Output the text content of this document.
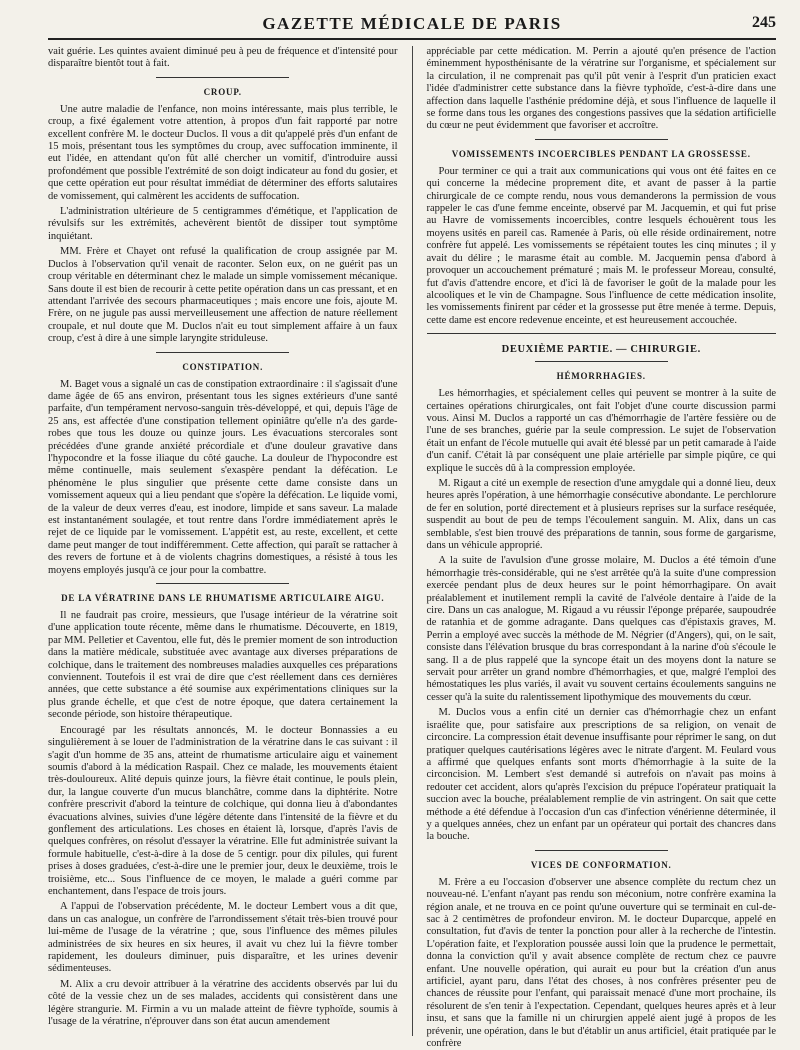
GAZETTE MÉDICALE DE PARIS	245

vait guérie. Les quintes avaient diminué peu à peu de fréquence et d'intensité pour disparaître bientôt tout à fait.

CROUP.

Une autre maladie de l'enfance, non moins intéressante, mais plus terrible, le croup, a fixé également votre attention, à propos d'un fait rapporté par notre excellent confrère M. le docteur Duclos. Il vous a dit qu'appelé près d'un enfant de 15 mois, présentant tous les symptômes du croup, avec suffocation imminente, il eut l'idée, en attendant qu'on fût allé chercher un vomitif, d'introduire aussi profondément que possible l'extrémité de son doigt indicateur au fond du gosier, et que cette opération eut pour résultat immédiat de déterminer des efforts salutaires de vomissement, qui calmèrent les accidents de suffocation.

L'administration ultérieure de 5 centigrammes d'émétique, et l'application de révulsifs sur les extrémités, achevèrent bientôt de dissiper tout symptôme inquiétant.

MM. Frère et Chayet ont refusé la qualification de croup assignée par M. Duclos à l'observation qu'il venait de raconter. Selon eux, on ne guérit pas un croup véritable en déterminant chez le malade un simple vomissement mécanique. Sans doute il est bien de recourir à cette petite opération dans un cas pressant, et en attendant l'arrivée des secours pharmaceutiques ; mais encore une fois, ajoute M. Frère, on ne jugule pas aussi merveilleusement une affection de nature réellement croupale, et nul doute que M. Duclos n'ait eu tout simplement affaire à un faux croup, c'est à dire à une simple laryngite striduleuse.

CONSTIPATION.

M. Baget vous a signalé un cas de constipation extraordinaire : il s'agissait d'une dame âgée de 65 ans environ, présentant tous les signes extérieurs d'une santé parfaite, d'un tempérament nervoso-sanguin très-développé, et qui, depuis l'âge de 25 ans, est affectée d'une constipation tellement opiniâtre qu'elle n'a des garde-robes que tous les douze ou quinze jours. Les évacuations stercorales sont précédées d'une grande anxiété précordiale et d'une douleur gravative dans l'hypocondre et la fosse iliaque du côté gauche. La douleur de l'hypocondre est même continuelle, mais seulement s'exaspère pendant la défécation. Le phénomène le plus singulier que présente cette dame consiste dans un vomissement aqueux qui a lieu pendant que s'opère la défécation. Le liquide vomi, de la valeur de deux verres d'eau, est inodore, limpide et sans saveur. La malade est instantanément soulagée, et tout rentre dans l'ordre immédiatement après le rejet de ce liquide par le vomissement. L'appétit est, au reste, excellent, et cette dame peut manger de tout indifféremment. Cette affection, qui paraît se rattacher à des revers de fortune et à de violents chagrins domestiques, a résisté à tous les moyens employés jusqu'à ce jour pour la combattre.

DE LA VÉRATRINE DANS LE RHUMATISME ARTICULAIRE AIGU.

Il ne faudrait pas croire, messieurs, que l'usage intérieur de la vératrine soit d'une application toute récente, même dans le rhumatisme. Découverte, en 1819, par MM. Pelletier et Caventou, elle fut, dès le premier moment de son introduction dans la matière médicale, substituée avec avantage aux diverses préparations de colchique, dans le traitement des nombreuses maladies auxquelles ces préparations conviennent. Toutefois il est vrai de dire que c'est réellement dans ces dernières années, que cette substance a été soumise aux expérimentations cliniques sur la plus grande échelle, et que c'est de notre époque, que datera certainement la seconde période, son histoire thérapeutique.

Encouragé par les résultats annoncés, M. le docteur Bonnassies a eu singulièrement à se louer de l'administration de la vératrine dans le cas suivant : il s'agit d'un homme de 35 ans, atteint de rhumatisme articulaire aigu et vainement soumis d'abord à la médication Raspail. Chez ce malade, les mouvements étaient très-douloureux. Alité depuis quinze jours, la fièvre était continue, le pouls plein, dur, la langue couverte d'un mucus blanchâtre, comme dans la diphtérite. Notre confrère prescrivit d'abord la teinture de colchique, qui donna lieu à d'abondantes évacuations alvines, suivies d'une légère détente dans l'intensité de la fièvre et du gonflement des articulations. Les choses en étaient là, lorsque, d'après l'avis de quelques confrères, on résolut d'essayer la vératrine. Elle fut administrée suivant la formule habituelle, c'est-à-dire à la dose de 5 centigr. pour dix pilules, qui furent prises à doses graduées, c'est-à-dire une le premier jour, deux le deuxième, trois le troisième, etc... Sous l'influence de ce moyen, le malade a guéri comme par enchantement, dans l'espace de trois jours.

A l'appui de l'observation précédente, M. le docteur Lembert vous a dit que, dans un cas analogue, un confrère de l'arrondissement s'était très-bien trouvé pour lui-même de l'usage de la vératrine ; que, sous l'influence des mêmes pilules administrées de six heures en six heures, il avait vu chez lui la fièvre tomber rapidement, les douleurs diminuer, puis disparaître, et les urines devenir sédimenteuses.

M. Alix a cru devoir attribuer à la vératrine des accidents observés par lui du côté de la vessie chez un de ses malades, accidents qui consistèrent dans une légère strangurie. M. Firmin a vu un malade atteint de fièvre typhoïde, soumis à l'usage de la vératrine, n'éprouver dans son état aucun amendement

appréciable par cette médication. M. Perrin a ajouté qu'en présence de l'action éminemment hyposthénisante de la vératrine sur l'organisme, et spécialement sur la circulation, il ne comprenait pas qu'il pût venir à l'esprit d'un praticien exact l'idée d'administrer cette substance dans la fièvre typhoïde, c'est-à-dire dans une affection dans laquelle l'asthénie prédomine déjà, et sous l'influence de laquelle il se forme dans tous les organes des congestions passives que la sédation artificielle du cœur ne peut évidemment que favoriser et accroître.

VOMISSEMENTS INCOERCIBLES PENDANT LA GROSSESSE.

Pour terminer ce qui a trait aux communications qui vous ont été faites en ce qui concerne la médecine proprement dite, et avant de passer à la partie chirurgicale de ce compte rendu, nous vous demanderons la permission de vous rappeler le cas d'une femme enceinte, observé par M. Jacquemin, et qui fut prise au Havre de vomissements incoercibles, contre lesquels échouèrent tous les moyens usités en pareil cas. Ramenée à Paris, où elle réside ordinairement, notre confrère fut appelé. Les vomissements se répétaient toutes les cinq minutes ; il y avait du délire ; le marasme était au comble. M. Jacquemin pensa d'abord à provoquer un accouchement prématuré ; mais M. le professeur Moreau, consulté, fut d'avis d'attendre encore, et d'ici là de favoriser le goût de la malade pour les alcooliques et le vin de Champagne. Sous l'influence de cette médication insolite, les vomissements finirent par céder et la grossesse put être menée à terme. Depuis, cette dame est encore redevenue enceinte, et est heureusement accouchée.

DEUXIÈME PARTIE. — CHIRURGIE.
HÉMORRHAGIES.

Les hémorrhagies, et spécialement celles qui peuvent se montrer à la suite de certaines opérations chirurgicales, ont fait l'objet d'une courte discussion parmi vous. Ainsi M. Duclos a rapporté un cas d'hémorrhagie de l'artère fessière ou de l'une de ses branches, guérie par la seule compression. Le sujet de l'observation était un enfant de l'école mutuelle qui avait été blessé par un petit camarade à l'aide d'un canif. C'était là par conséquent une plaie artérielle par simple piqûre, ce qui explique le succès dû à la compression employée.

M. Rigaut a cité un exemple de resection d'une amygdale qui a donné lieu, deux heures après l'opération, à une hémorrhagie consécutive abondante. Le perchlorure de fer en solution, porté directement et à plusieurs reprises sur la surface reséquée, suspendit au bout de peu de temps l'écoulement sanguin. M. Alix, dans un cas semblable, s'est bien trouvé des préparations de tannin, sous forme de gargarisme, dans un véhicule approprié.

A la suite de l'avulsion d'une grosse molaire, M. Duclos a été témoin d'une hémorrhagie très-considérable, qui ne s'est arrêtée qu'à la suite d'une compression exercée pendant plus de deux heures sur le point hémorrhagipare. On avait préalablement et inutilement rempli la cavité de l'alvéole dentaire à l'aide de la cire. Dans un cas analogue, M. Rigaud a vu réussir l'éponge préparée, saupoudrée de ratanhia et de gomme adragante. Dans quelques cas d'épistaxis graves, M. Perrin a employé avec succès la méthode de M. Négrier (d'Angers), qui, on le sait, consiste dans l'élévation brusque du bras correspondant à la narine d'où s'écoule le sang. Il a de plus rappelé que la syncope était un des moyens dont la nature se servait pour arrêter un grand nombre d'hémorrhagies, et que, malgré l'emploi des hémostatiques les plus variés, il avait vu souvent certains écoulements sanguins ne cesser qu'à la suite du ralentissement lipothymique des mouvements du cœur.

M. Duclos vous a enfin cité un dernier cas d'hémorrhagie chez un enfant israélite que, pour satisfaire aux prescriptions de sa religion, on venait de circoncire. La compression était devenue insuffisante pour réprimer le sang, on dut pratiquer quelques cautérisations légères avec le nitrate d'argent. M. Feulard vous a affirmé que quelques enfants sont morts d'hémorrhagie à la suite de la circoncision. M. Lembert s'est demandé si autrefois on n'avait pas moins à redouter cet accident, alors qu'après l'excision du prépuce l'opérateur pratiquait la succion avec la bouche, préalablement remplie de vin astringent. On sait que cette méthode a été défendue à l'occasion d'un cas d'infection vénérienne déterminée, il y a quelques années, chez un enfant par un opérateur qui portait des chancres dans la bouche.

VICES DE CONFORMATION.

M. Frère a eu l'occasion d'observer une absence complète du rectum chez un nouveau-né. L'enfant n'ayant pas rendu son méconium, notre confrère examina la région anale, et ne trouva en ce point qu'une ouverture qui se terminait en cul-de-sac à 2 centimètres de profondeur environ. M. le docteur Duparcque, appelé en consultation, fut d'avis de tenter la ponction pour aller à la recherche de l'intestin. L'opération faite, et l'exploration poussée aussi loin que la prudence le permettait, donna la conviction qu'il y avait absence complète de rectum chez ce pauvre enfant. Une nouvelle opération, qui aurait eu pour but la création d'un anus artificiel, ayant paru, dans l'état des choses, à nos confrères présenter peu de chances de réussite pour l'enfant, qui paraissait menacé d'une mort prochaine, ils résolurent de s'en tenir à l'expectation. Cependant, quelques heures après et à leur insu, et sans que la famille ni un chirurgien appelé aient jugé à propos de les prévenir, une opération, dans le but d'établir un anus artificiel, était pratiquée par le confrère
